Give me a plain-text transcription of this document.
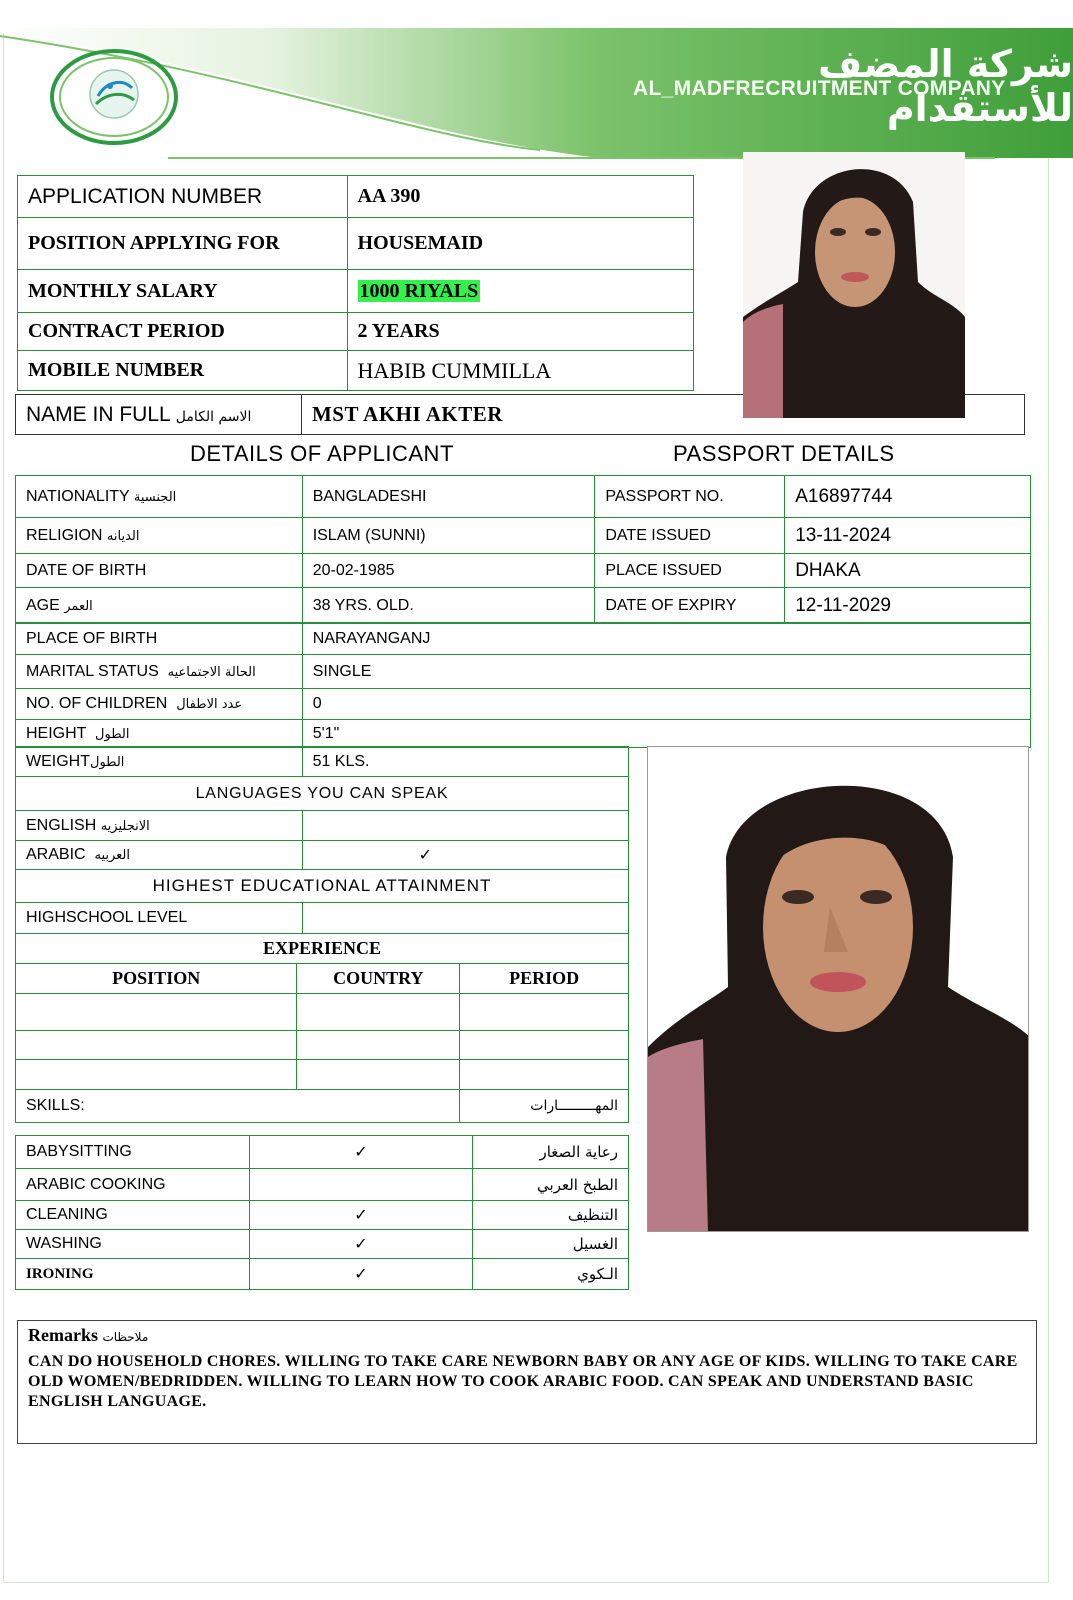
شركة المضف للأستقدام
AL_MADFRECRUITMENT COMPANY
APPLICATION NUMBER	AA 390
POSITION APPLYING FOR	HOUSEMAID
MONTHLY SALARY	1000 RIYALS
CONTRACT PERIOD	2 YEARS
MOBILE NUMBER	HABIB CUMMILLA
NAME IN FULL الاسم الكامل	MST AKHI AKTER
DETAILS OF APPLICANT	PASSPORT DETAILS
NATIONALITY الجنسية	BANGLADESHI	PASSPORT NO.	A16897744
RELIGION الديانه	ISLAM (SUNNI)	DATE ISSUED	13-11-2024
DATE OF BIRTH	20-02-1985	PLACE ISSUED	DHAKA
AGE العمر	38 YRS. OLD.	DATE OF EXPIRY	12-11-2029
PLACE OF BIRTH	NARAYANGANJ
MARITAL STATUS الحالة الاجتماعيه	SINGLE
NO. OF CHILDREN عدد الاطفال	0
HEIGHT الطول	5'1"
WEIGHTالطول	51 KLS.
LANGUAGES YOU CAN SPEAK	
ENGLISH الانجليزيه	
ARABIC العربيه	✓
HIGHEST EDUCATIONAL ATTAINMENT	
HIGHSCHOOL LEVEL	
EXPERIENCE		
POSITION	COUNTRY	PERIOD

SKILLS:		المهـــــــــارات
BABYSITTING	✓	رعاية الصغار
ARABIC COOKING		الطبخ العربي
CLEANING	✓	التنظيف
WASHING	✓	الغسيل
IRONING	✓	الـكوي
Remarks ملاحظات
CAN DO HOUSEHOLD CHORES. WILLING TO TAKE CARE NEWBORN BABY OR ANY AGE OF KIDS. WILLING TO TAKE CARE OLD WOMEN/BEDRIDDEN. WILLING TO LEARN HOW TO COOK ARABIC FOOD. CAN SPEAK AND UNDERSTAND BASIC ENGLISH LANGUAGE.
